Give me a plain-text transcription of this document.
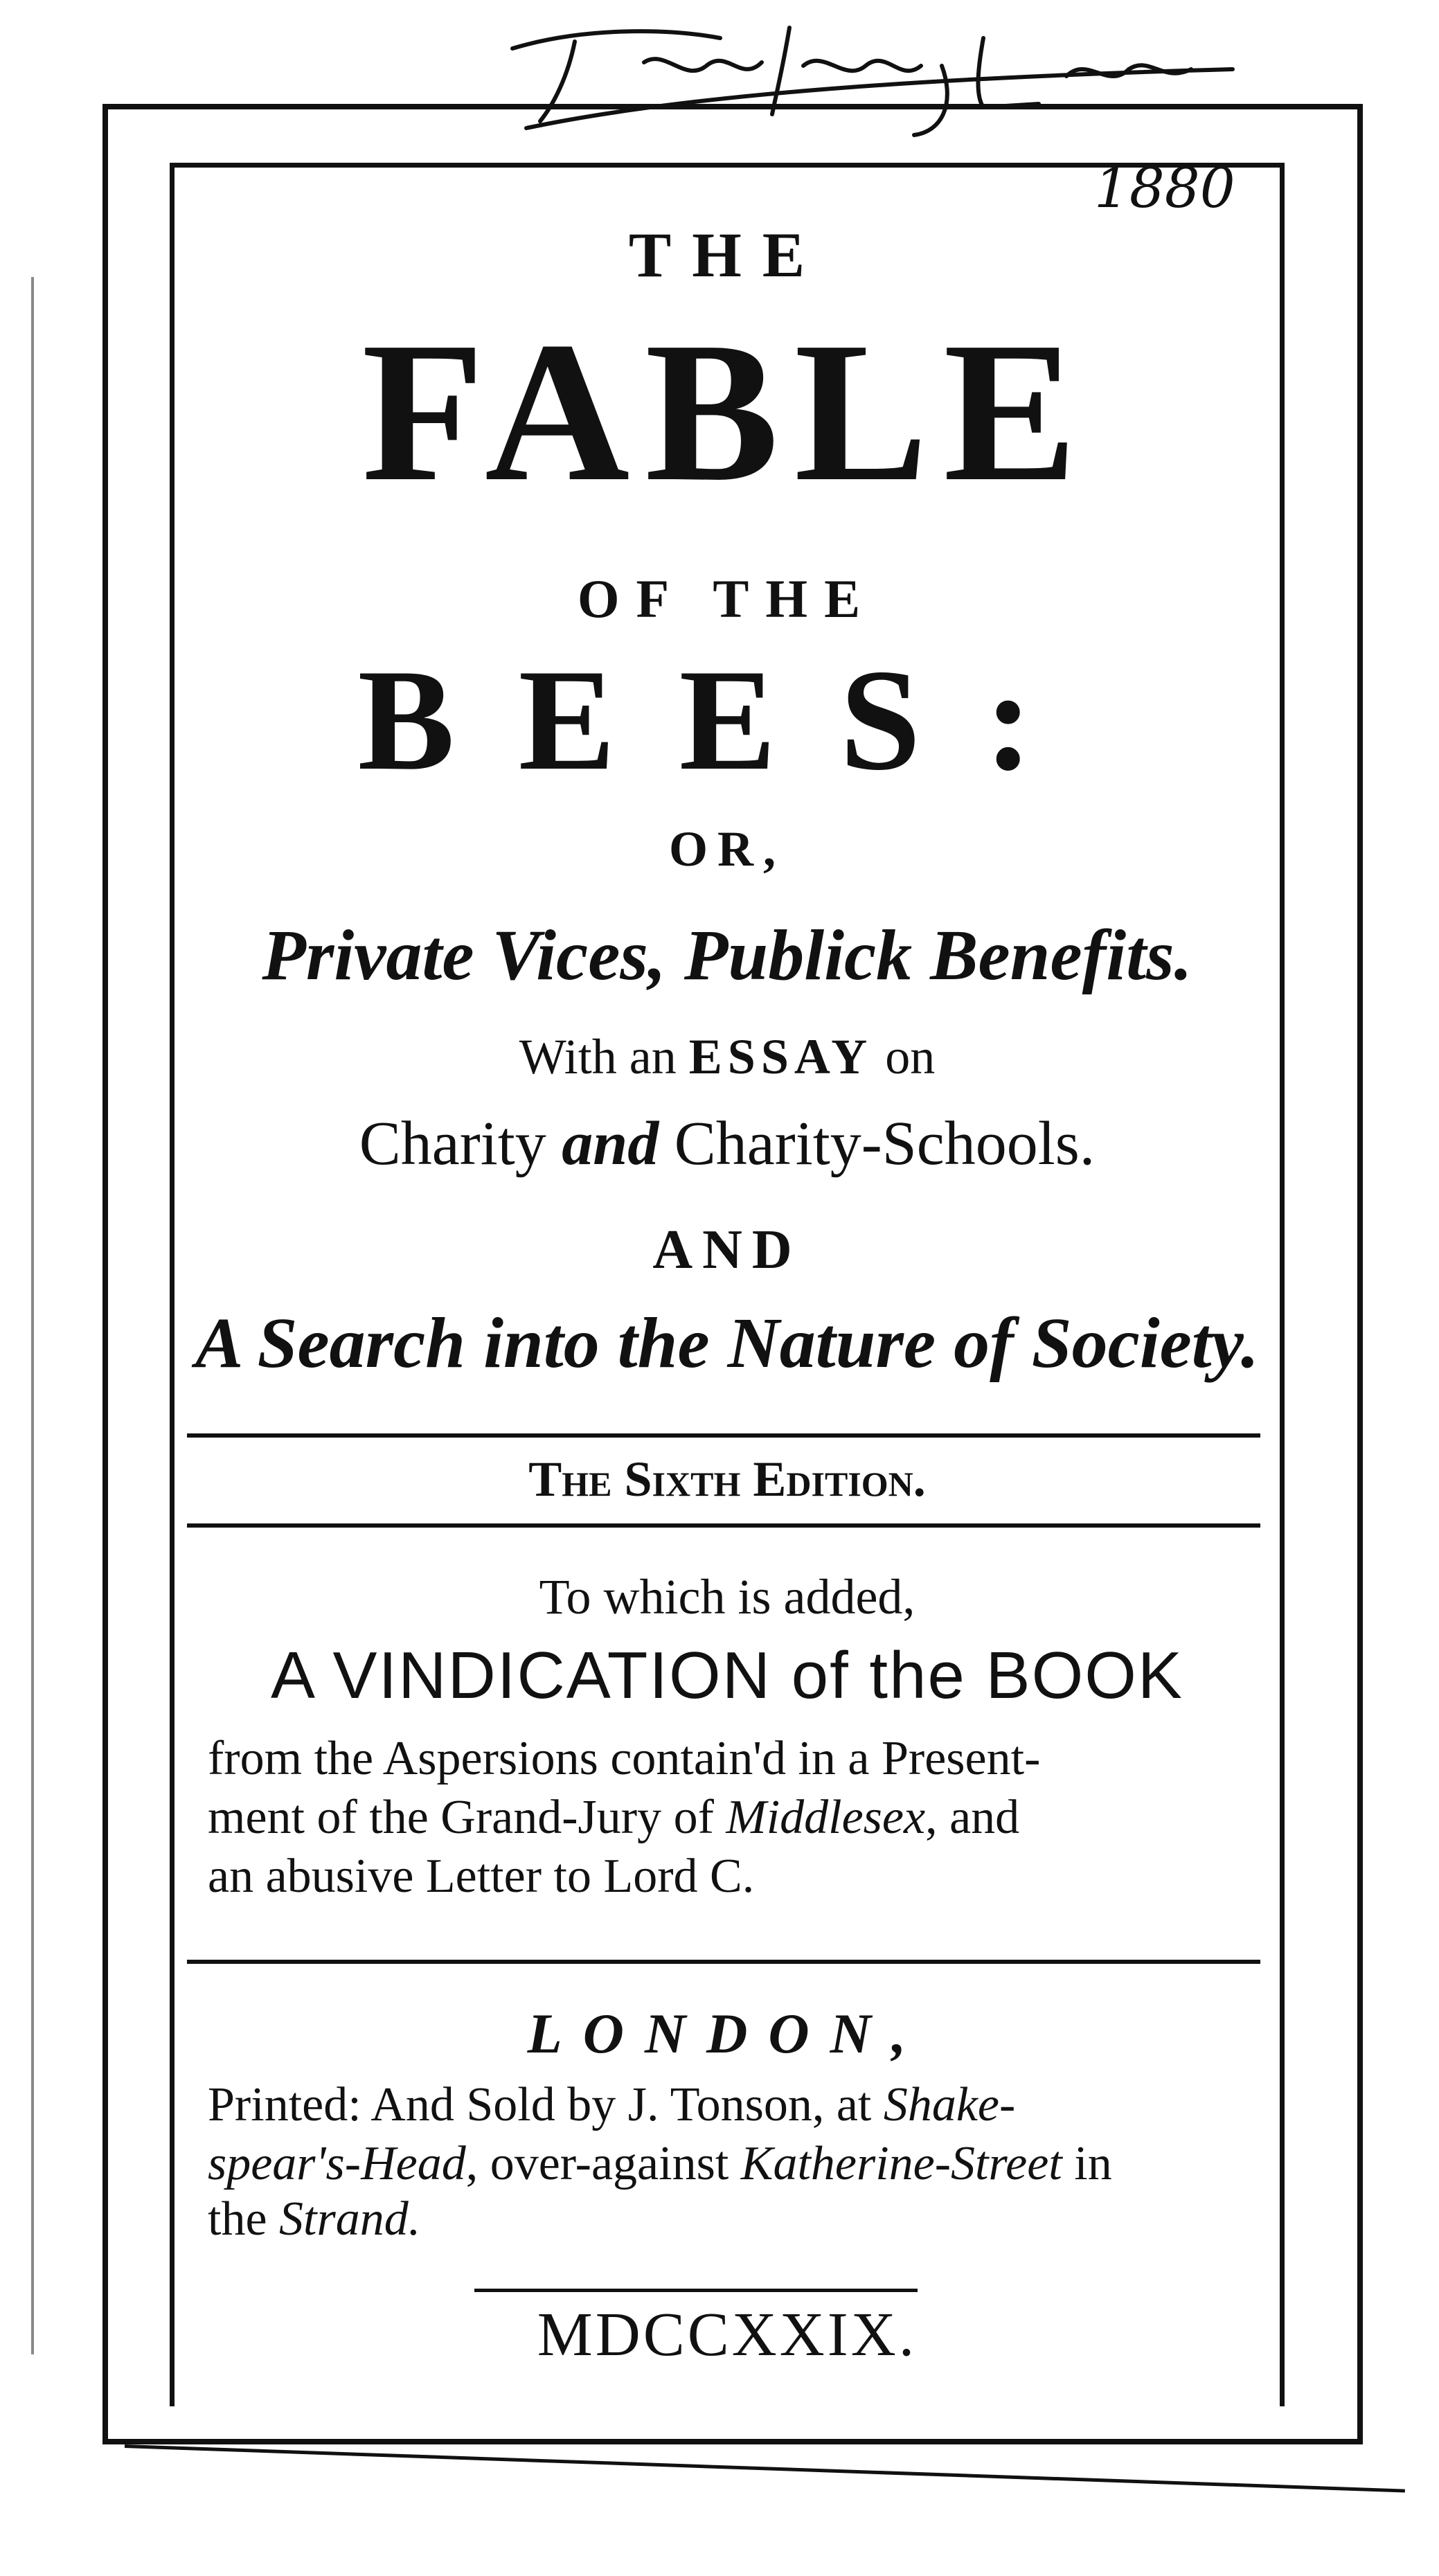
1880
THE
FABLE
OF THE
BEES:
OR,
Private Vices, Publick Benefits.
With an ESSAY on
Charity and Charity-Schools.
AND
A Search into the Nature of Society.
The Sixth Edition.
To which is added,
A VINDICATION of the BOOK
from the Aspersions contain'd in a Present-
ment of the Grand-Jury of Middlesex, and
an abusive Letter to Lord C.
LONDON,
Printed: And Sold by J. Tonson, at Shake-
spear's-Head, over-against Katherine-Street in
the Strand.
MDCCXXIX.
